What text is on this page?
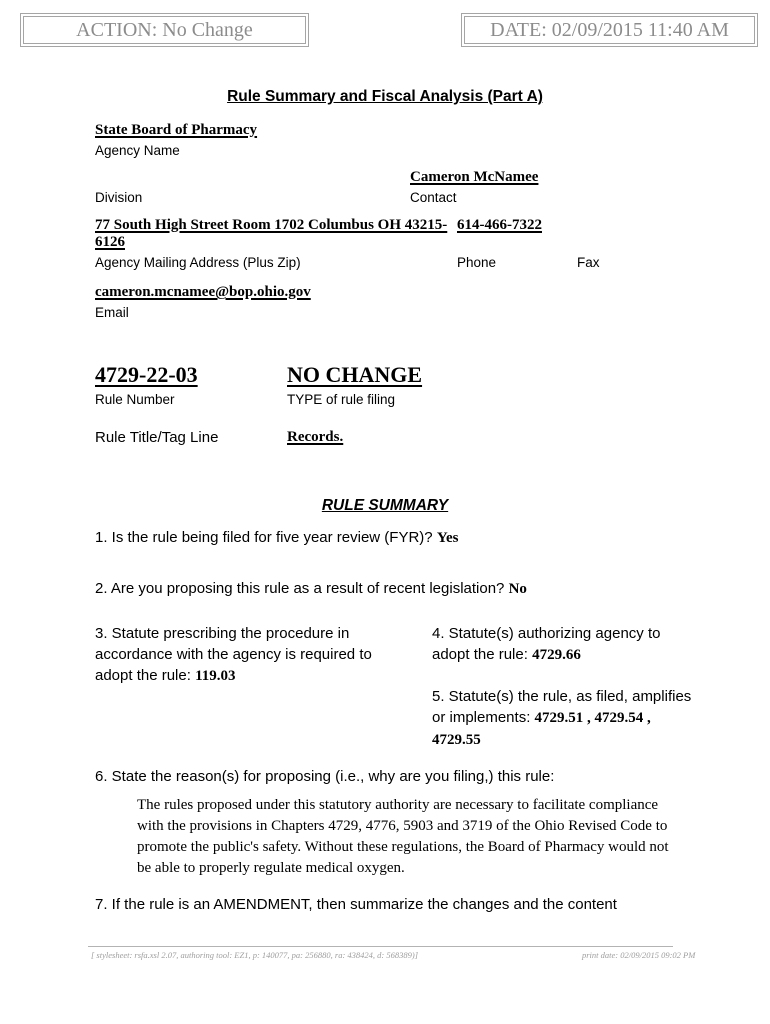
ACTION: No Change	DATE: 02/09/2015 11:40 AM
Rule Summary and Fiscal Analysis (Part A)
State Board of Pharmacy
Agency Name
Cameron McNamee
Contact
Division
77 South High Street Room 1702 Columbus OH 43215-6126
Agency Mailing Address (Plus Zip)
614-466-7322
Phone	Fax
cameron.mcnamee@bop.ohio.gov
Email
4729-22-03
Rule Number
NO CHANGE
TYPE of rule filing
Rule Title/Tag Line	Records.
RULE SUMMARY

1. Is the rule being filed for five year review (FYR)? Yes

2. Are you proposing this rule as a result of recent legislation? No

3. Statute prescribing the procedure in accordance with the agency is required to adopt the rule: 119.03

4. Statute(s) authorizing agency to adopt the rule: 4729.66

5. Statute(s) the rule, as filed, amplifies or implements: 4729.51 , 4729.54 , 4729.55

6. State the reason(s) for proposing (i.e., why are you filing,) this rule:

The rules proposed under this statutory authority are necessary to facilitate compliance with the provisions in Chapters 4729, 4776, 5903 and 3719 of the Ohio Revised Code to promote the public's safety. Without these regulations, the Board of Pharmacy would not be able to properly regulate medical oxygen.

7. If the rule is an AMENDMENT, then summarize the changes and the content

[ stylesheet: rsfa.xsl 2.07, authoring tool: EZ1, p: 140077, pa: 256880, ra: 438424, d: 568389)]	print date: 02/09/2015 09:02 PM
